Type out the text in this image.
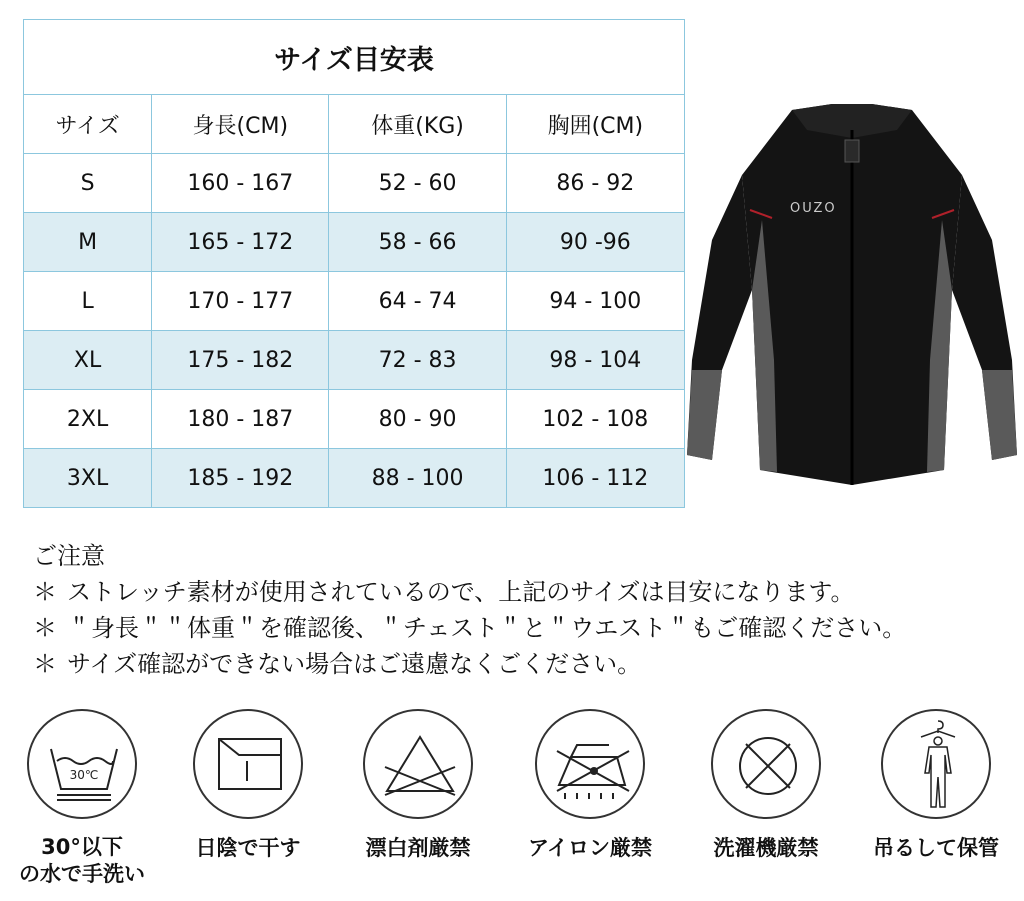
サイズ目安表			
サイズ	身長(CM)	体重(KG)	胸囲(CM)
S	160 - 167	52 - 60	86 - 92
M	165 - 172	58 - 66	90 -96
L	170 - 177	64 - 74	94 - 100
XL	175 - 182	72 - 83	98 - 104
2XL	180 - 187	80 - 90	102 - 108
3XL	185 - 192	88 - 100	106 - 112
OUZO
ご注意
＊ ストレッチ素材が使用されているので、上記のサイズは目安になります。
＊ ＂身長＂＂体重＂を確認後、＂チェスト＂と＂ウエスト＂もご確認ください。
＊ サイズ確認ができない場合はご遠慮なくごください。
30℃
30°以下
の水で手洗い
日陰で干す	漂白剤厳禁	アイロン厳禁	洗濯機厳禁	吊るして保管
